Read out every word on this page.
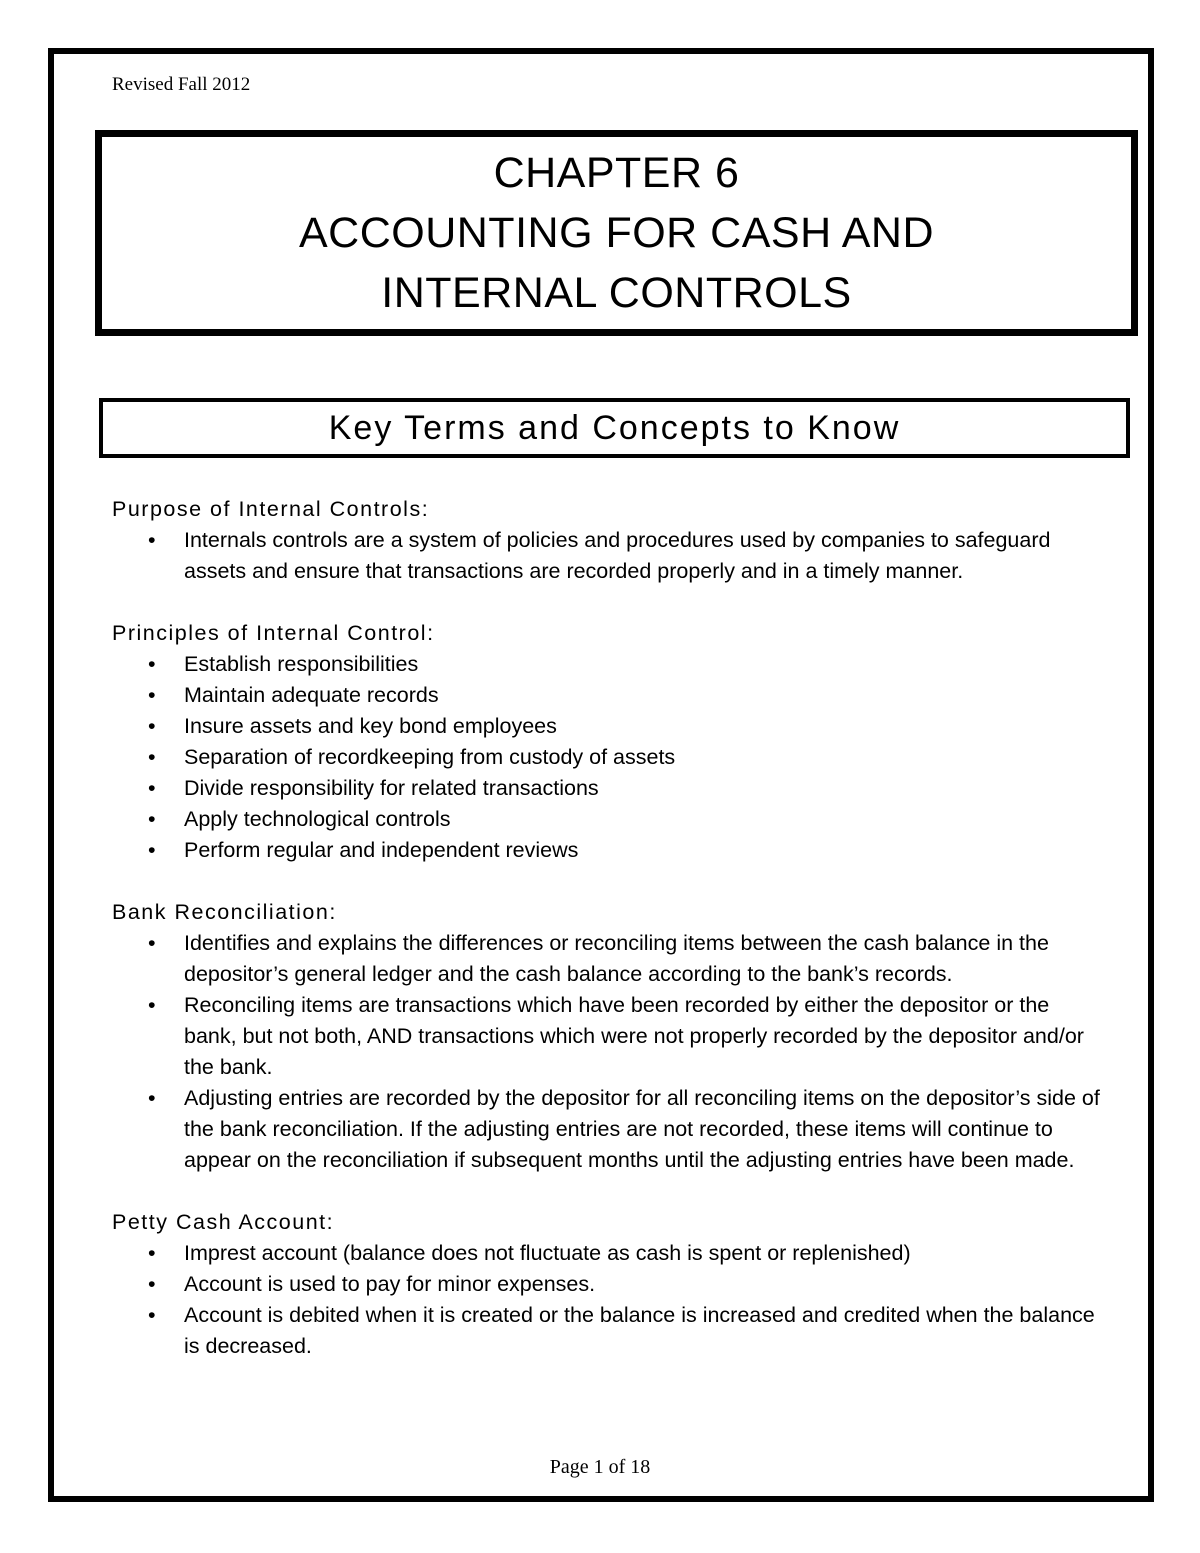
Revised Fall 2012
CHAPTER 6
ACCOUNTING FOR CASH AND
INTERNAL CONTROLS
Key Terms and Concepts to Know
Purpose of Internal Controls:
• Internals controls are a system of policies and procedures used by companies to safeguard assets and ensure that transactions are recorded properly and in a timely manner.
Principles of Internal Control:
• Establish responsibilities
• Maintain adequate records
• Insure assets and key bond employees
• Separation of recordkeeping from custody of assets
• Divide responsibility for related transactions
• Apply technological controls
• Perform regular and independent reviews
Bank Reconciliation:
• Identifies and explains the differences or reconciling items between the cash balance in the depositor’s general ledger and the cash balance according to the bank’s records.
• Reconciling items are transactions which have been recorded by either the depositor or the bank, but not both, AND transactions which were not properly recorded by the depositor and/or the bank.
• Adjusting entries are recorded by the depositor for all reconciling items on the depositor’s side of the bank reconciliation. If the adjusting entries are not recorded, these items will continue to appear on the reconciliation if subsequent months until the adjusting entries have been made.
Petty Cash Account:
• Imprest account (balance does not fluctuate as cash is spent or replenished)
• Account is used to pay for minor expenses.
• Account is debited when it is created or the balance is increased and credited when the balance is decreased.
Page 1 of 18
